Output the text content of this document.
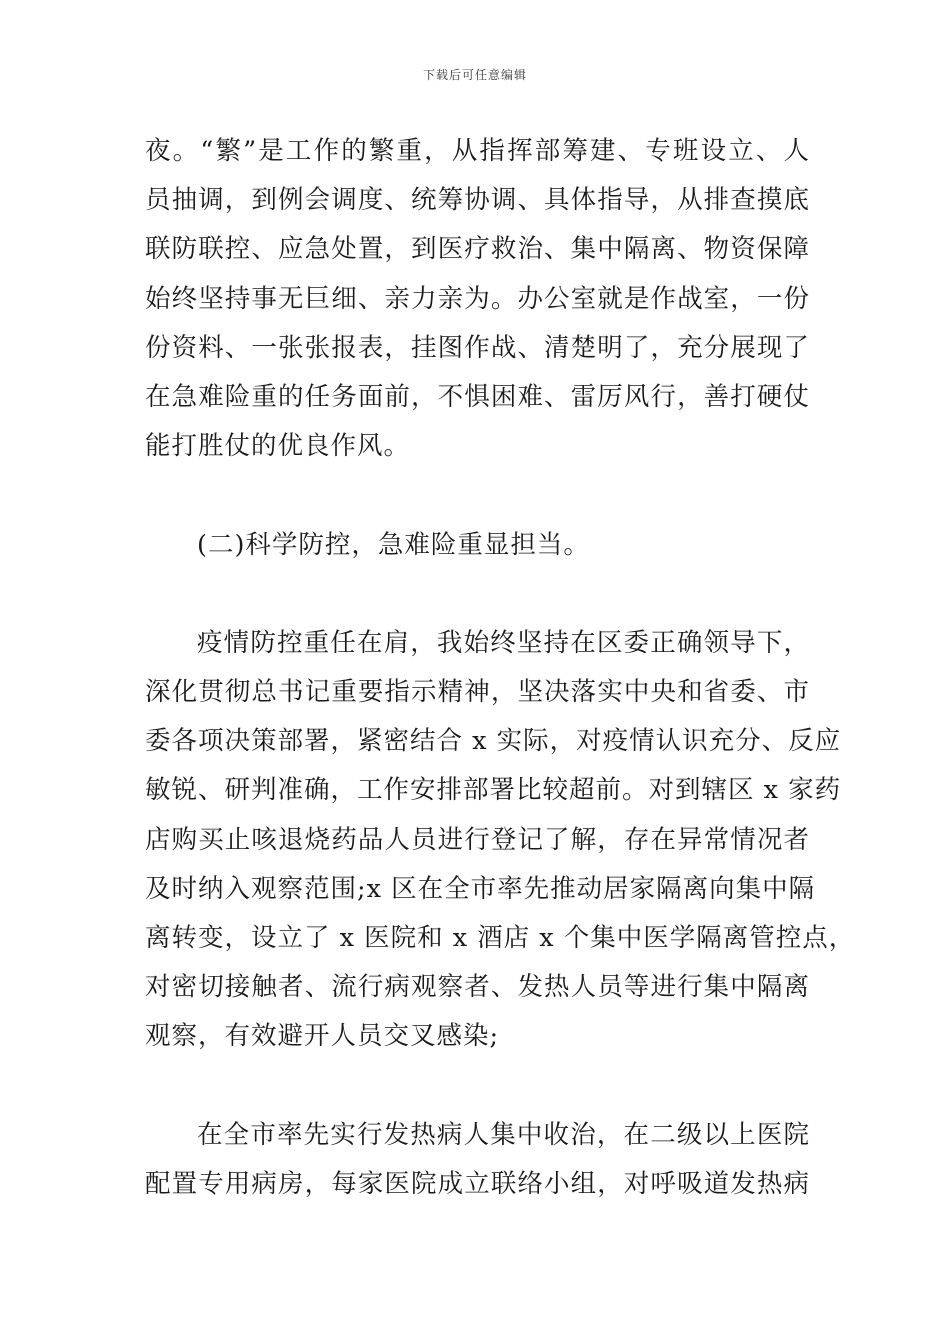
下载后可任意编辑
夜。“繁”是工作的繁重，从指挥部筹建、专班设立、人
员抽调，到例会调度、统筹协调、具体指导，从排查摸底
联防联控、应急处置，到医疗救治、集中隔离、物资保障
始终坚持事无巨细、亲力亲为。办公室就是作战室，一份
份资料、一张张报表，挂图作战、清楚明了，充分展现了
在急难险重的任务面前，不惧困难、雷厉风行，善打硬仗
能打胜仗的优良作风。
(二)科学防控，急难险重显担当。
疫情防控重任在肩，我始终坚持在区委正确领导下，
深化贯彻总书记重要指示精神，坚决落实中央和省委、市
委各项决策部署，紧密结合 x 实际，对疫情认识充分、反应
敏锐、研判准确，工作安排部署比较超前。对到辖区 x 家药
店购买止咳退烧药品人员进行登记了解，存在异常情况者
及时纳入观察范围;x 区在全市率先推动居家隔离向集中隔
离转变，设立了 x 医院和 x 酒店 x 个集中医学隔离管控点，
对密切接触者、流行病观察者、发热人员等进行集中隔离
观察，有效避开人员交叉感染;
在全市率先实行发热病人集中收治，在二级以上医院
配置专用病房，每家医院成立联络小组，对呼吸道发热病
